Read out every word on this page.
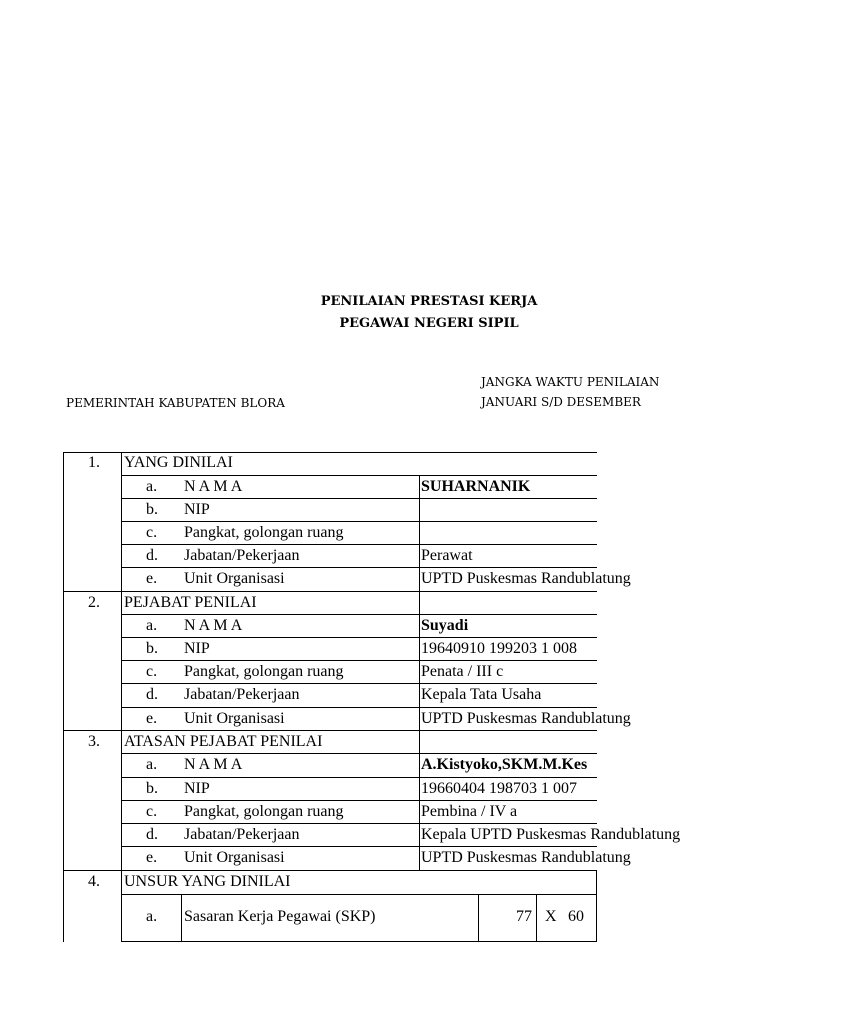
PENILAIAN PRESTASI KERJA
PEGAWAI NEGERI SIPIL
JANGKA WAKTU PENILAIAN
JANUARI S/D DESEMBER
PEMERINTAH KABUPATEN BLORA
1. YANG DINILAI
a. N A M A	SUHARNANIK
b. NIP
c. Pangkat, golongan ruang
d. Jabatan/Pekerjaan	Perawat
e. Unit Organisasi	UPTD Puskesmas Randublatung
2. PEJABAT PENILAI
a. N A M A	Suyadi
b. NIP	19640910 199203 1 008
c. Pangkat, golongan ruang	Penata / III c
d. Jabatan/Pekerjaan	Kepala Tata Usaha
e. Unit Organisasi	UPTD Puskesmas Randublatung
3. ATASAN PEJABAT PENILAI
a. N A M A	A.Kistyoko,SKM.M.Kes
b. NIP	19660404 198703 1 007
c. Pangkat, golongan ruang	Pembina / IV a
d. Jabatan/Pekerjaan	Kepala UPTD Puskesmas Randublatung
e. Unit Organisasi	UPTD Puskesmas Randublatung
4. UNSUR YANG DINILAI
a. Sasaran Kerja Pegawai (SKP)	77 X 60
